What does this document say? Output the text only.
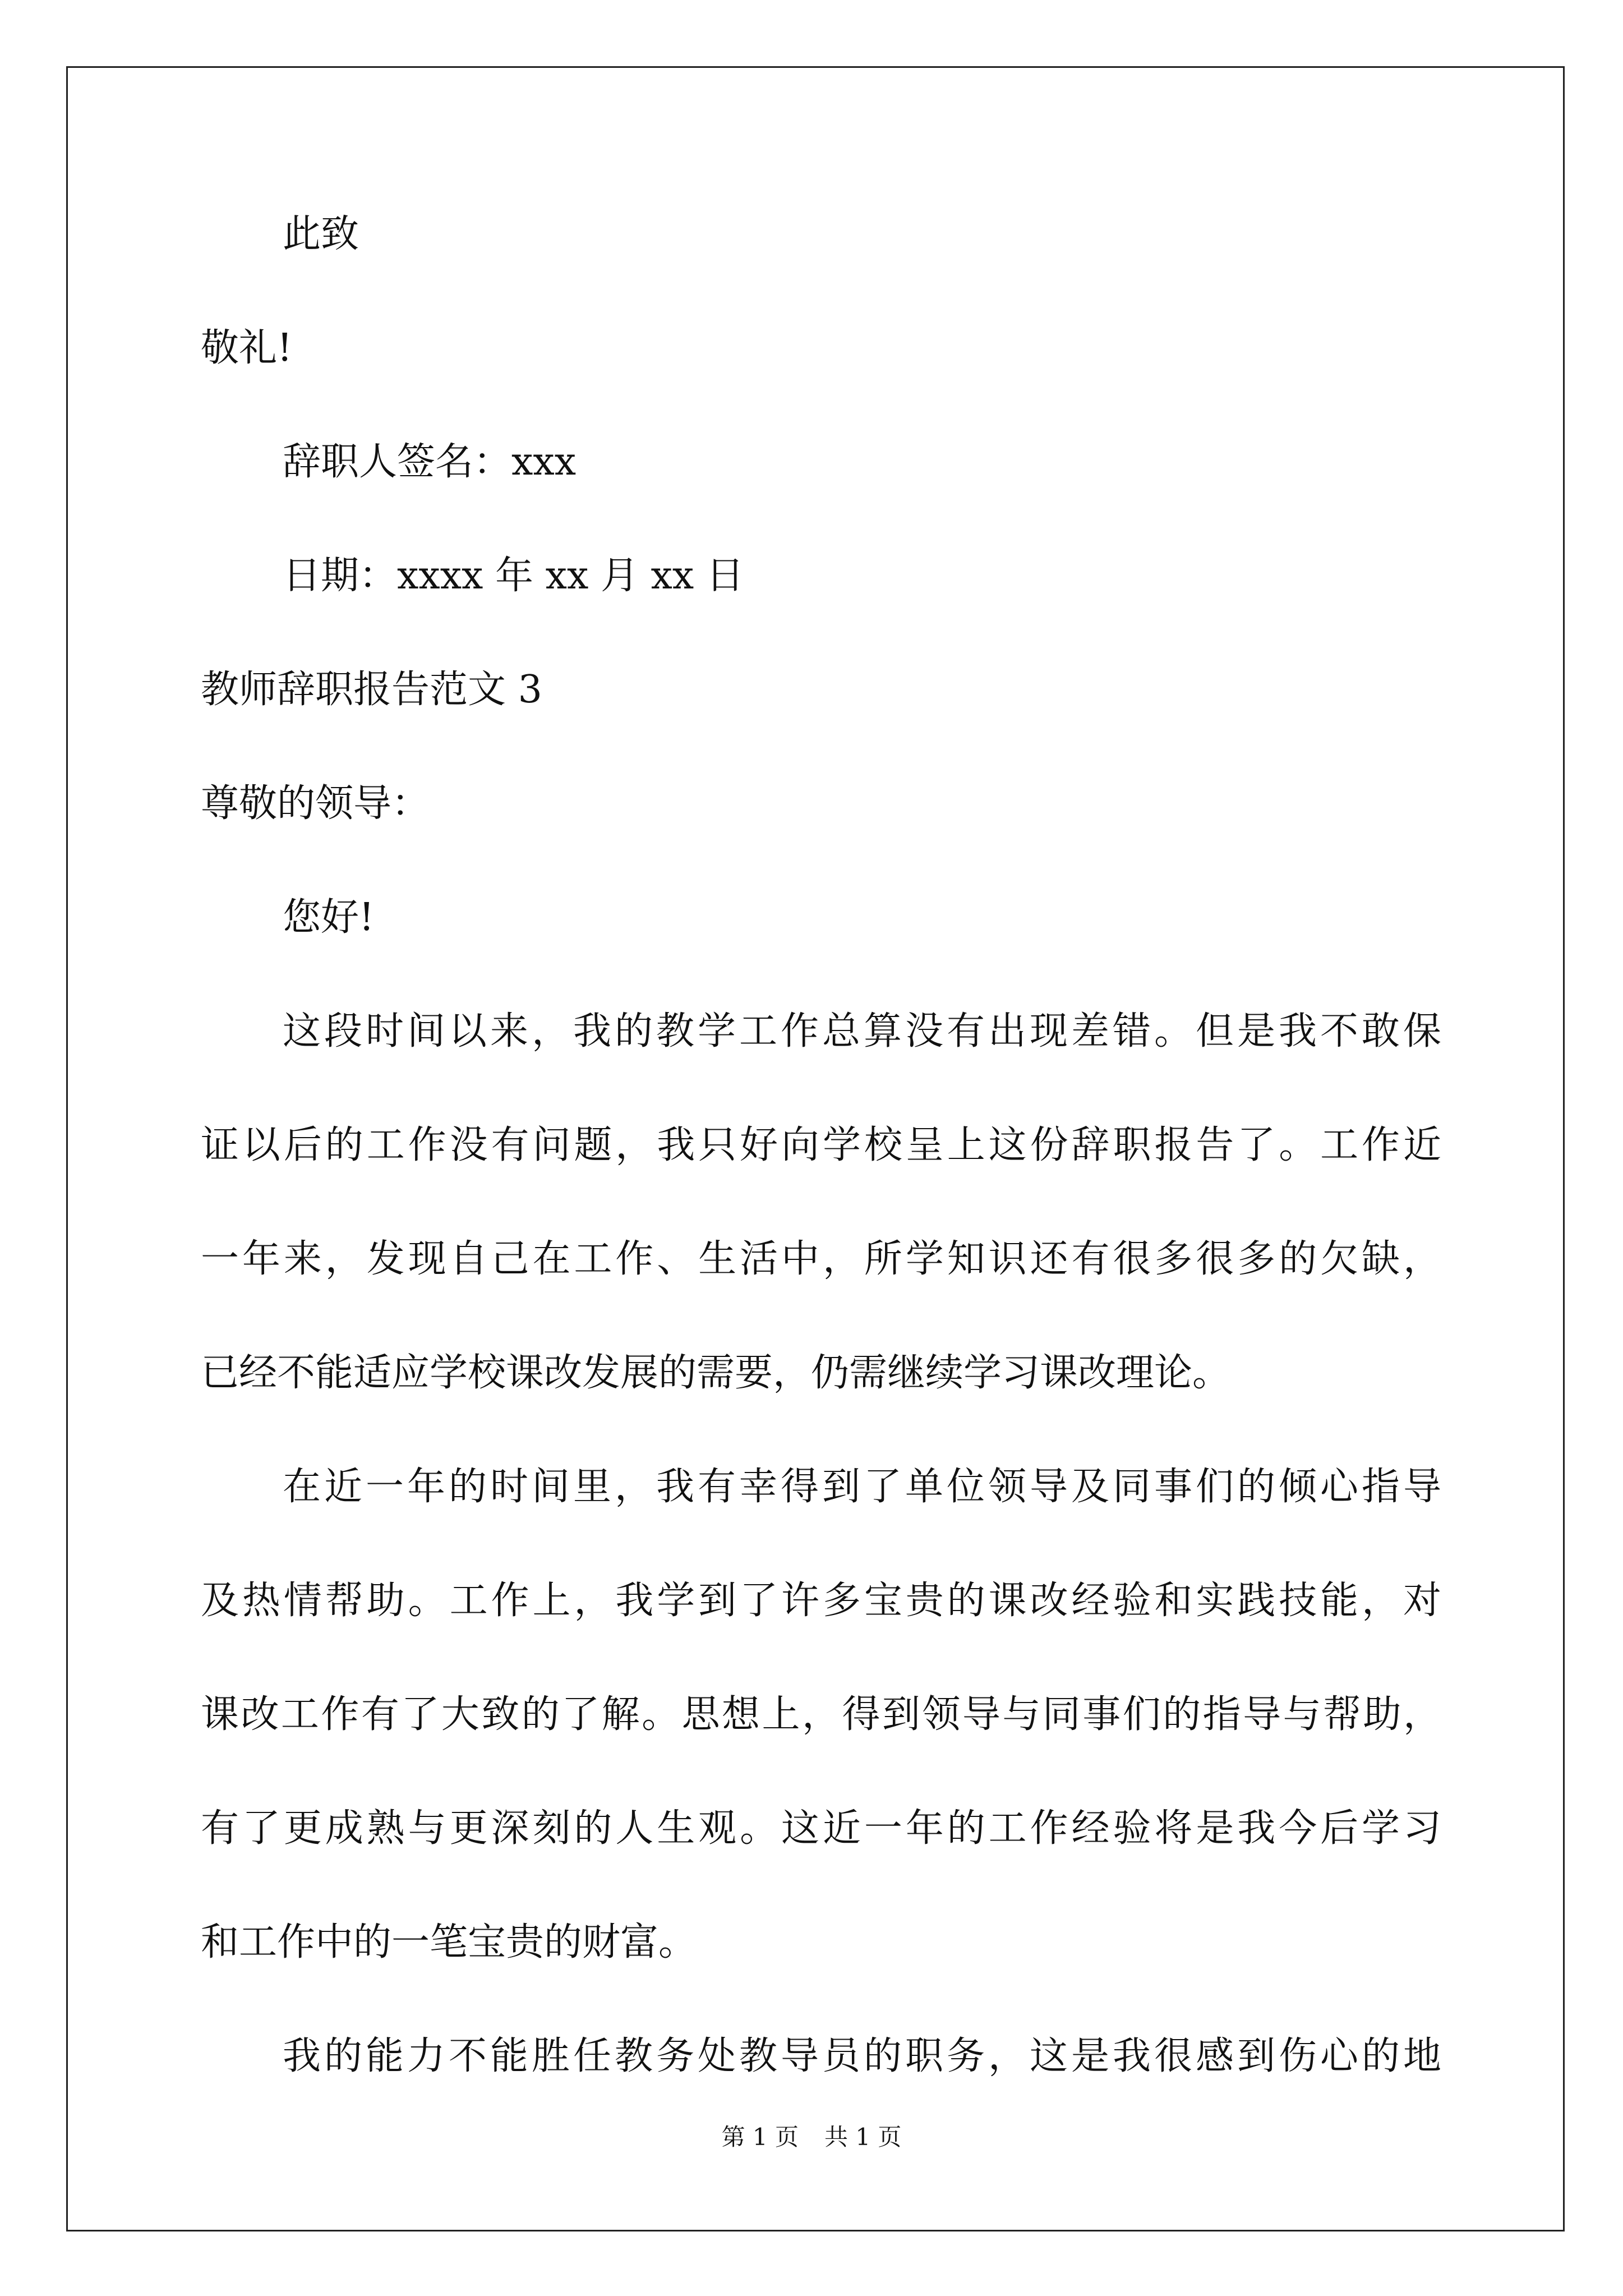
此致
敬礼!
辞职人签名：xxx
日期：xxxx 年 xx 月 xx 日
教师辞职报告范文 3
尊敬的领导：
您好!
这段时间以来，我的教学工作总算没有出现差错。但是我不敢保
证以后的工作没有问题，我只好向学校呈上这份辞职报告了。工作近
一年来，发现自己在工作、生活中，所学知识还有很多很多的欠缺，
已经不能适应学校课改发展的需要，仍需继续学习课改理论。
在近一年的时间里，我有幸得到了单位领导及同事们的倾心指导
及热情帮助。工作上，我学到了许多宝贵的课改经验和实践技能，对
课改工作有了大致的了解。思想上，得到领导与同事们的指导与帮助，
有了更成熟与更深刻的人生观。这近一年的工作经验将是我今后学习
和工作中的一笔宝贵的财富。
我的能力不能胜任教务处教导员的职务，这是我很感到伤心的地
第 1 页 共 1 页
